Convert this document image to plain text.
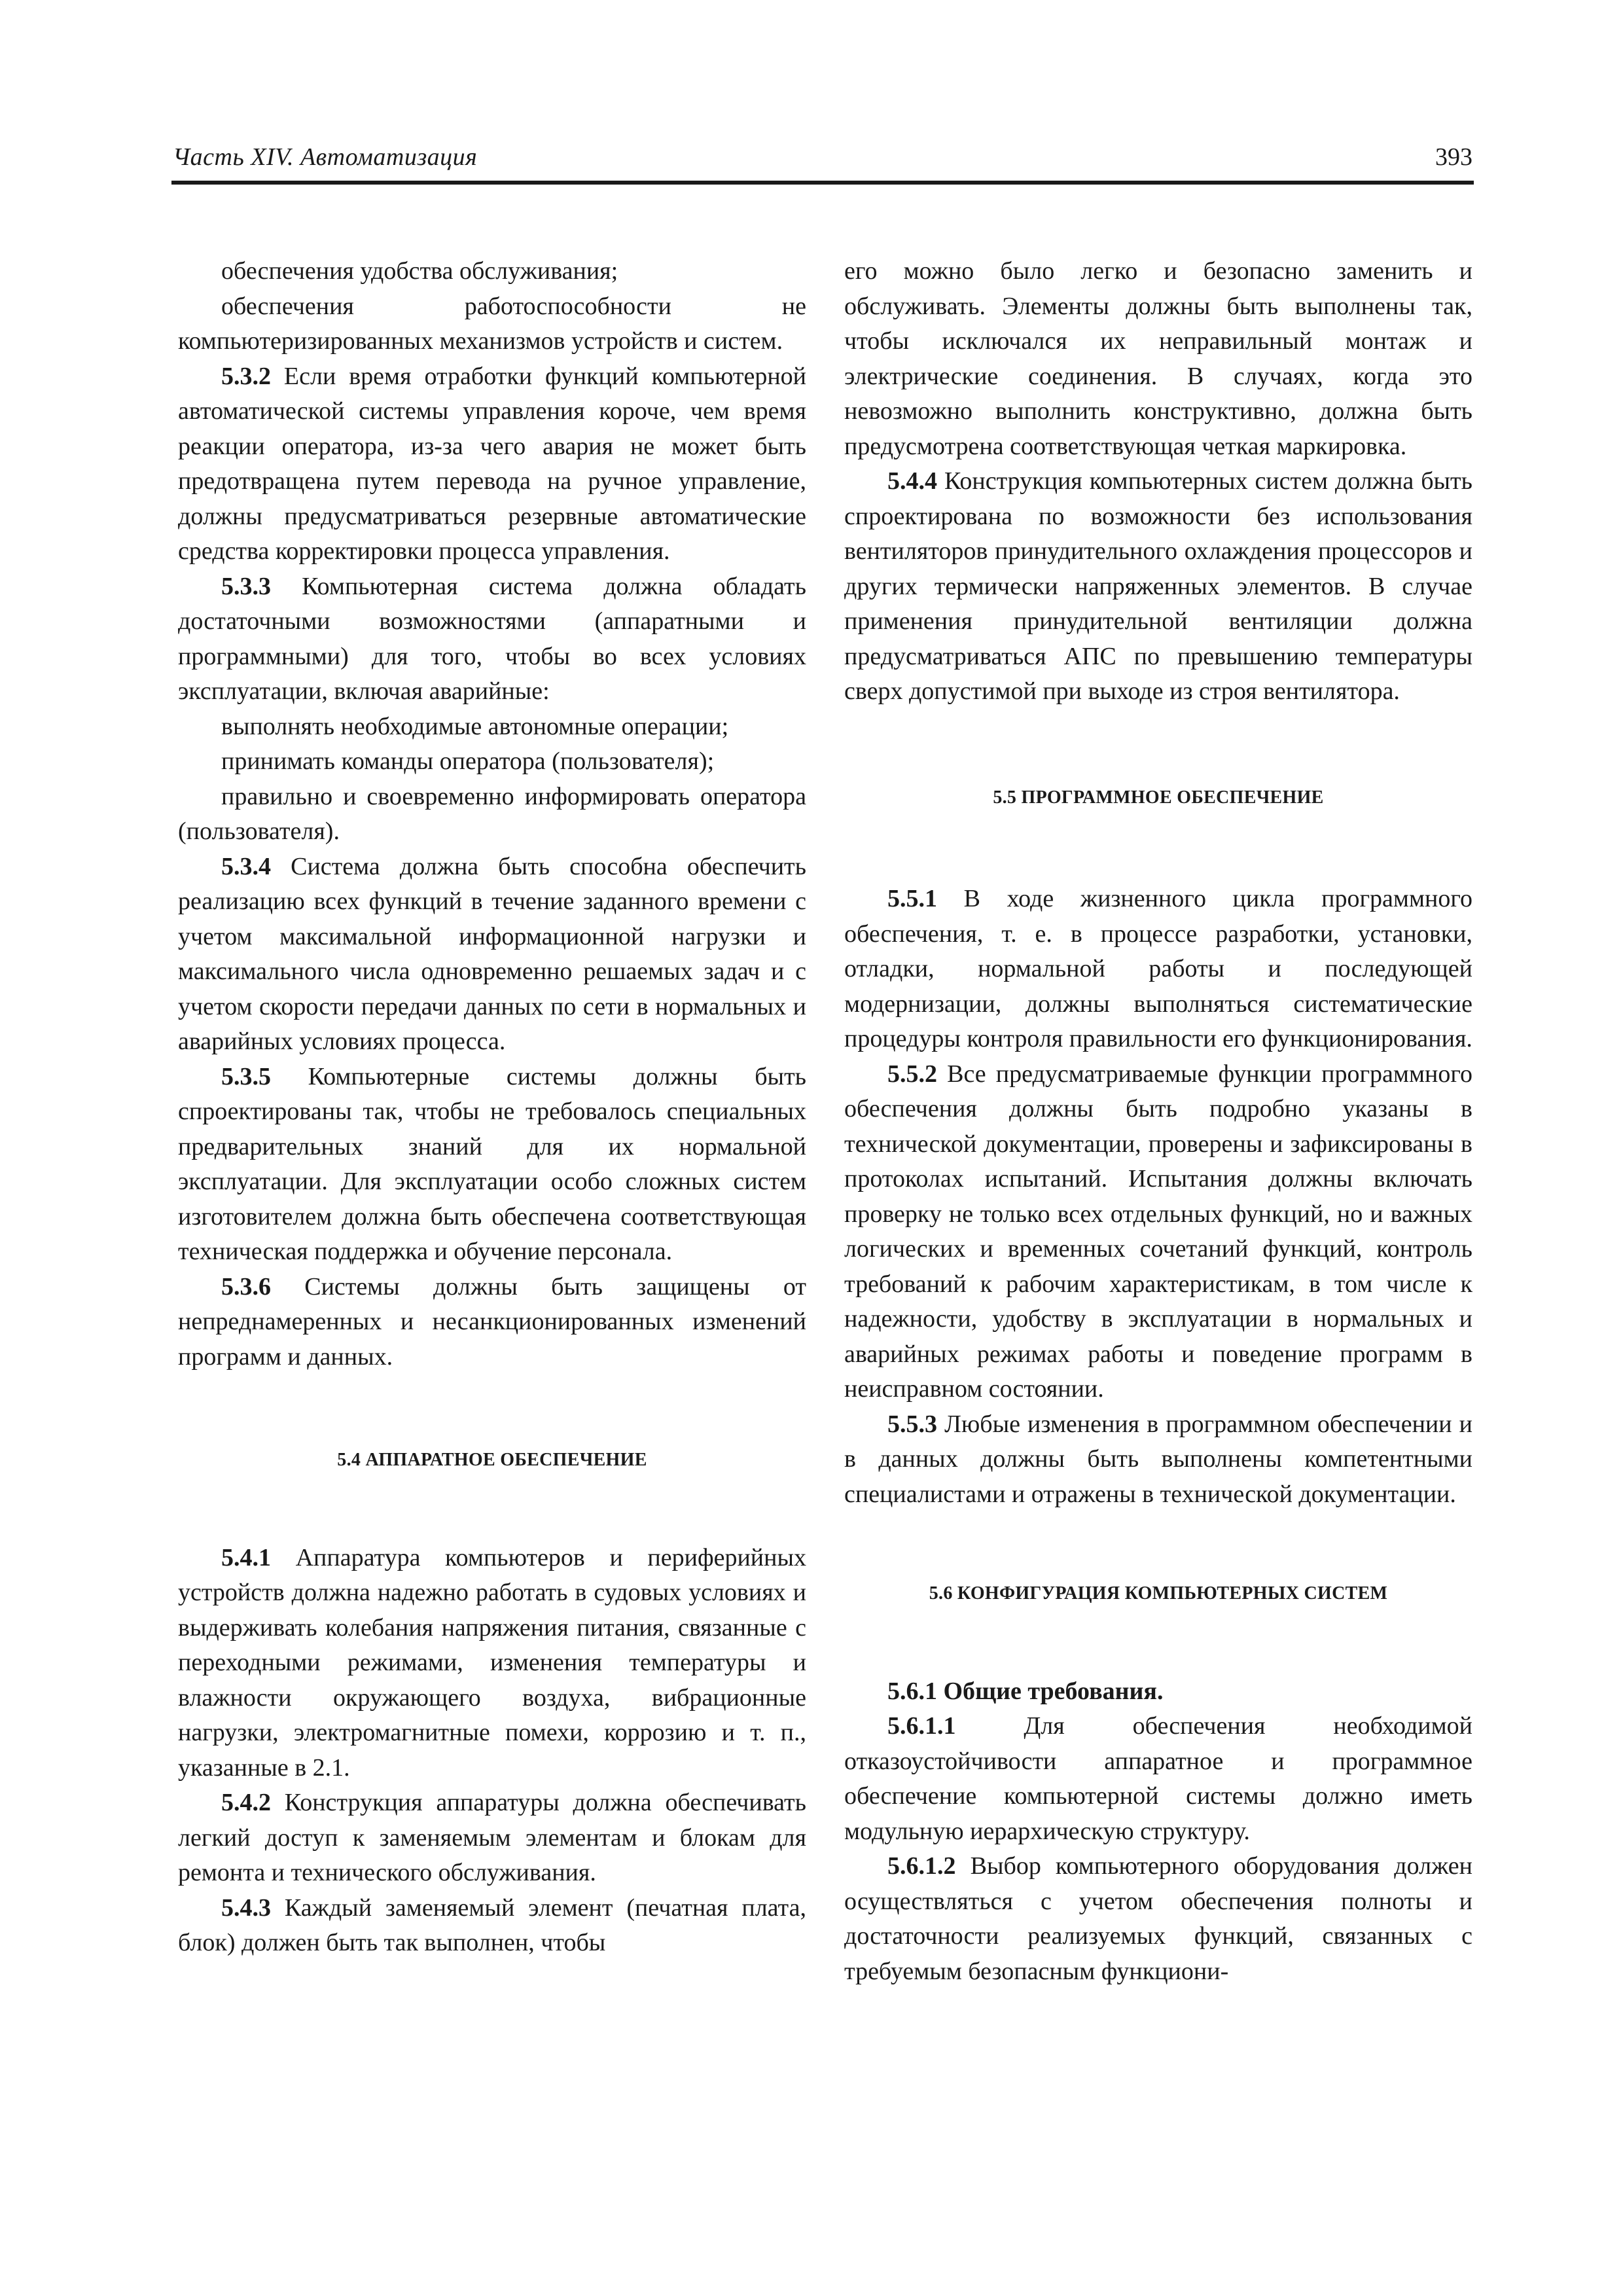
Часть XIV. Автоматизация	393

обеспечения удобства обслуживания;

обеспечения работоспособности не компьютеризированных механизмов устройств и систем.

5.3.2 Если время отработки функций компьютерной автоматической системы управления короче, чем время реакции оператора, из-за чего авария не может быть предотвращена путем перевода на ручное управление, должны предусматриваться резервные автоматические средства корректировки процесса управления.

5.3.3 Компьютерная система должна обладать достаточными возможностями (аппаратными и программными) для того, чтобы во всех условиях эксплуатации, включая аварийные:

выполнять необходимые автономные операции;

принимать команды оператора (пользователя);

правильно и своевременно информировать оператора (пользователя).

5.3.4 Система должна быть способна обеспечить реализацию всех функций в течение заданного времени с учетом максимальной информационной нагрузки и максимального числа одновременно решаемых задач и с учетом скорости передачи данных по сети в нормальных и аварийных условиях процесса.

5.3.5 Компьютерные системы должны быть спроектированы так, чтобы не требовалось специальных предварительных знаний для их нормальной эксплуатации. Для эксплуатации особо сложных систем изготовителем должна быть обеспечена соответствующая техническая поддержка и обучение персонала.

5.3.6 Системы должны быть защищены от непреднамеренных и несанкционированных изменений программ и данных.

5.4 АППАРАТНОЕ ОБЕСПЕЧЕНИЕ

5.4.1 Аппаратура компьютеров и периферийных устройств должна надежно работать в судовых условиях и выдерживать колебания напряжения питания, связанные с переходными режимами, изменения температуры и влажности окружающего воздуха, вибрационные нагрузки, электромагнитные помехи, коррозию и т. п., указанные в 2.1.

5.4.2 Конструкция аппаратуры должна обеспечивать легкий доступ к заменяемым элементам и блокам для ремонта и технического обслуживания.

5.4.3 Каждый заменяемый элемент (печатная плата, блок) должен быть так выполнен, чтобы

его можно было легко и безопасно заменить и обслуживать. Элементы должны быть выполнены так, чтобы исключался их неправильный монтаж и электрические соединения. В случаях, когда это невозможно выполнить конструктивно, должна быть предусмотрена соответствующая четкая маркировка.

5.4.4 Конструкция компьютерных систем должна быть спроектирована по возможности без использования вентиляторов принудительного охлаждения процессоров и других термически напряженных элементов. В случае применения принудительной вентиляции должна предусматриваться АПС по превышению температуры сверх допустимой при выходе из строя вентилятора.

5.5 ПРОГРАММНОЕ ОБЕСПЕЧЕНИЕ

5.5.1 В ходе жизненного цикла программного обеспечения, т. е. в процессе разработки, установки, отладки, нормальной работы и последующей модернизации, должны выполняться систематические процедуры контроля правильности его функционирования.

5.5.2 Все предусматриваемые функции программного обеспечения должны быть подробно указаны в технической документации, проверены и зафиксированы в протоколах испытаний. Испытания должны включать проверку не только всех отдельных функций, но и важных логических и временных сочетаний функций, контроль требований к рабочим характеристикам, в том числе к надежности, удобству в эксплуатации в нормальных и аварийных режимах работы и поведение программ в неисправном состоянии.

5.5.3 Любые изменения в программном обеспечении и в данных должны быть выполнены компетентными специалистами и отражены в технической документации.

5.6 КОНФИГУРАЦИЯ КОМПЬЮТЕРНЫХ СИСТЕМ

5.6.1 Общие требования.

5.6.1.1 Для обеспечения необходимой отказоустойчивости аппаратное и программное обеспечение компьютерной системы должно иметь модульную иерархическую структуру.

5.6.1.2 Выбор компьютерного оборудования должен осуществляться с учетом обеспечения полноты и достаточности реализуемых функций, связанных с требуемым безопасным функциони-
